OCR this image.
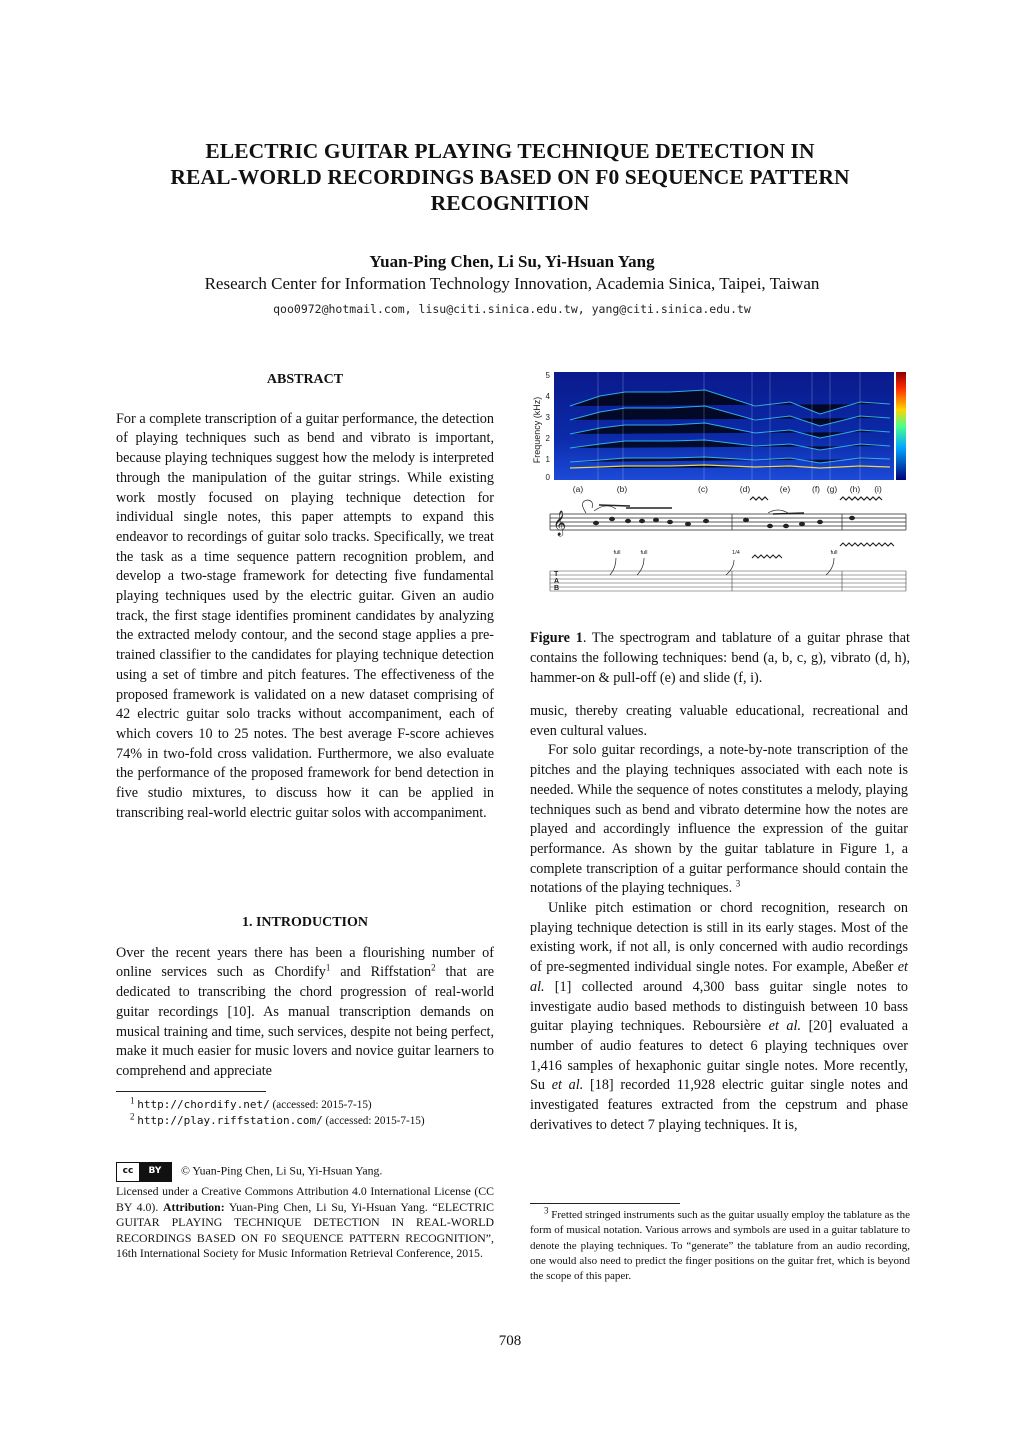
ELECTRIC GUITAR PLAYING TECHNIQUE DETECTION IN
REAL-WORLD RECORDINGS BASED ON F0 SEQUENCE PATTERN
RECOGNITION
Yuan-Ping Chen, Li Su, Yi-Hsuan Yang
Research Center for Information Technology Innovation, Academia Sinica, Taipei, Taiwan
qoo0972@hotmail.com, lisu@citi.sinica.edu.tw, yang@citi.sinica.edu.tw
ABSTRACT

For a complete transcription of a guitar performance, the detection of playing techniques such as bend and vibrato is important, because playing techniques suggest how the melody is interpreted through the manipulation of the guitar strings. While existing work mostly focused on playing technique detection for individual single notes, this paper attempts to expand this endeavor to recordings of guitar solo tracks. Specifically, we treat the task as a time sequence pattern recognition problem, and develop a two-stage framework for detecting five fundamental playing techniques used by the electric guitar. Given an audio track, the first stage identifies prominent candidates by analyzing the extracted melody contour, and the second stage applies a pre-trained classifier to the candidates for playing technique detection using a set of timbre and pitch features. The effectiveness of the proposed framework is validated on a new dataset comprising of 42 electric guitar solo tracks without accompaniment, each of which covers 10 to 25 notes. The best average F-score achieves 74% in two-fold cross validation. Furthermore, we also evaluate the performance of the proposed framework for bend detection in five studio mixtures, to discuss how it can be applied in transcribing real-world electric guitar solos with accompaniment.

1. INTRODUCTION

Over the recent years there has been a flourishing number of online services such as Chordify$^1$ and Riffstation$^2$ that are dedicated to transcribing the chord progression of real-world guitar recordings [10]. As manual transcription demands on musical training and time, such services, despite not being perfect, make it much easier for music lovers and novice guitar learners to comprehend and appreciate

$^1$ http://chordify.net/ (accessed: 2015-7-15)
$^2$ http://play.riffstation.com/ (accessed: 2015-7-15)
cc	BY	© Yuan-Ping Chen, Li Su, Yi-Hsuan Yang.
Licensed under a Creative Commons Attribution 4.0 International License (CC BY 4.0). Attribution: Yuan-Ping Chen, Li Su, Yi-Hsuan Yang. “ELECTRIC GUITAR PLAYING TECHNIQUE DETECTION IN REAL-WORLD RECORDINGS BASED ON F0 SEQUENCE PATTERN RECOGNITION”, 16th International Society for Music Information Retrieval Conference, 2015.
Frequency (kHz)
5
4
3
2
1
0
(a)	(b)	(c)	(d)	(e)	(f) (g) (h) (i)
𝄞
T
A
B
full	full	1/4	full
Figure 1. The spectrogram and tablature of a guitar phrase that contains the following techniques: bend (a, b, c, g), vibrato (d, h), hammer-on & pull-off (e) and slide (f, i).

music, thereby creating valuable educational, recreational and even cultural values.

For solo guitar recordings, a note-by-note transcription of the pitches and the playing techniques associated with each note is needed. While the sequence of notes constitutes a melody, playing techniques such as bend and vibrato determine how the notes are played and accordingly influence the expression of the guitar performance. As shown by the guitar tablature in Figure 1, a complete transcription of a guitar performance should contain the notations of the playing techniques. $^3$

Unlike pitch estimation or chord recognition, research on playing technique detection is still in its early stages. Most of the existing work, if not all, is only concerned with audio recordings of pre-segmented individual single notes. For example, Abeßer et al. [1] collected around 4,300 bass guitar single notes to investigate audio based methods to distinguish between 10 bass guitar playing techniques. Reboursière et al. [20] evaluated a number of audio features to detect 6 playing techniques over 1,416 samples of hexaphonic guitar single notes. More recently, Su et al. [18] recorded 11,928 electric guitar single notes and investigated features extracted from the cepstrum and phase derivatives to detect 7 playing techniques. It is,

$^3$ Fretted stringed instruments such as the guitar usually employ the tablature as the form of musical notation. Various arrows and symbols are used in a guitar tablature to denote the playing techniques. To “generate” the tablature from an audio recording, one would also need to predict the finger positions on the guitar fret, which is beyond the scope of this paper.
708
